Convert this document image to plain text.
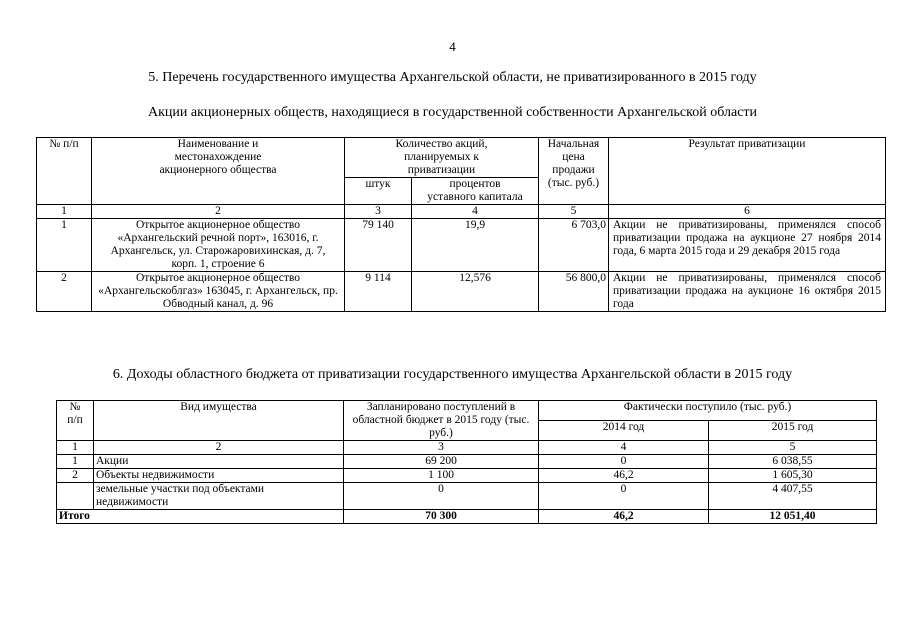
4
5. Перечень государственного имущества Архангельской области, не приватизированного в 2015 году
Акции акционерных обществ, находящиеся в государственной собственности Архангельской области
№ п/п	Наименование и местонахождение акционерного общества	Количество акций, планируемых к приватизации		Начальная цена продажи (тыс. руб.)	Результат приватизации
		штук	процентов уставного капитала		
1	2	3	4	5	6
1	Открытое акционерное общество «Архангельский речной порт», 163016, г. Архангельск, ул. Старожаровихинская, д. 7, корп. 1, строение 6	79 140	19,9	6 703,0	Акции не приватизированы, применялся способ приватизации продажа на аукционе 27 ноября 2014 года, 6 марта 2015 года и 29 декабря 2015 года
2	Открытое акционерное общество «Архангельскоблгаз» 163045, г. Архангельск, пр. Обводный канал, д. 96	9 114	12,576	56 800,0	Акции не приватизированы, применялся способ приватизации продажа на аукционе 16 октября 2015 года
6. Доходы областного бюджета от приватизации государственного имущества Архангельской области в 2015 году
№ п/п	Вид имущества	Запланировано поступлений в областной бюджет в 2015 году (тыс. руб.)	Фактически поступило (тыс. руб.)	
			2014 год	2015 год
1	2	3	4	5
1	Акции	69 200	0	6 038,55
2	Объекты недвижимости	1 100	46,2	1 605,30
	земельные участки под объектами недвижимости	0	0	4 407,55
Итого		70 300	46,2	12 051,40
